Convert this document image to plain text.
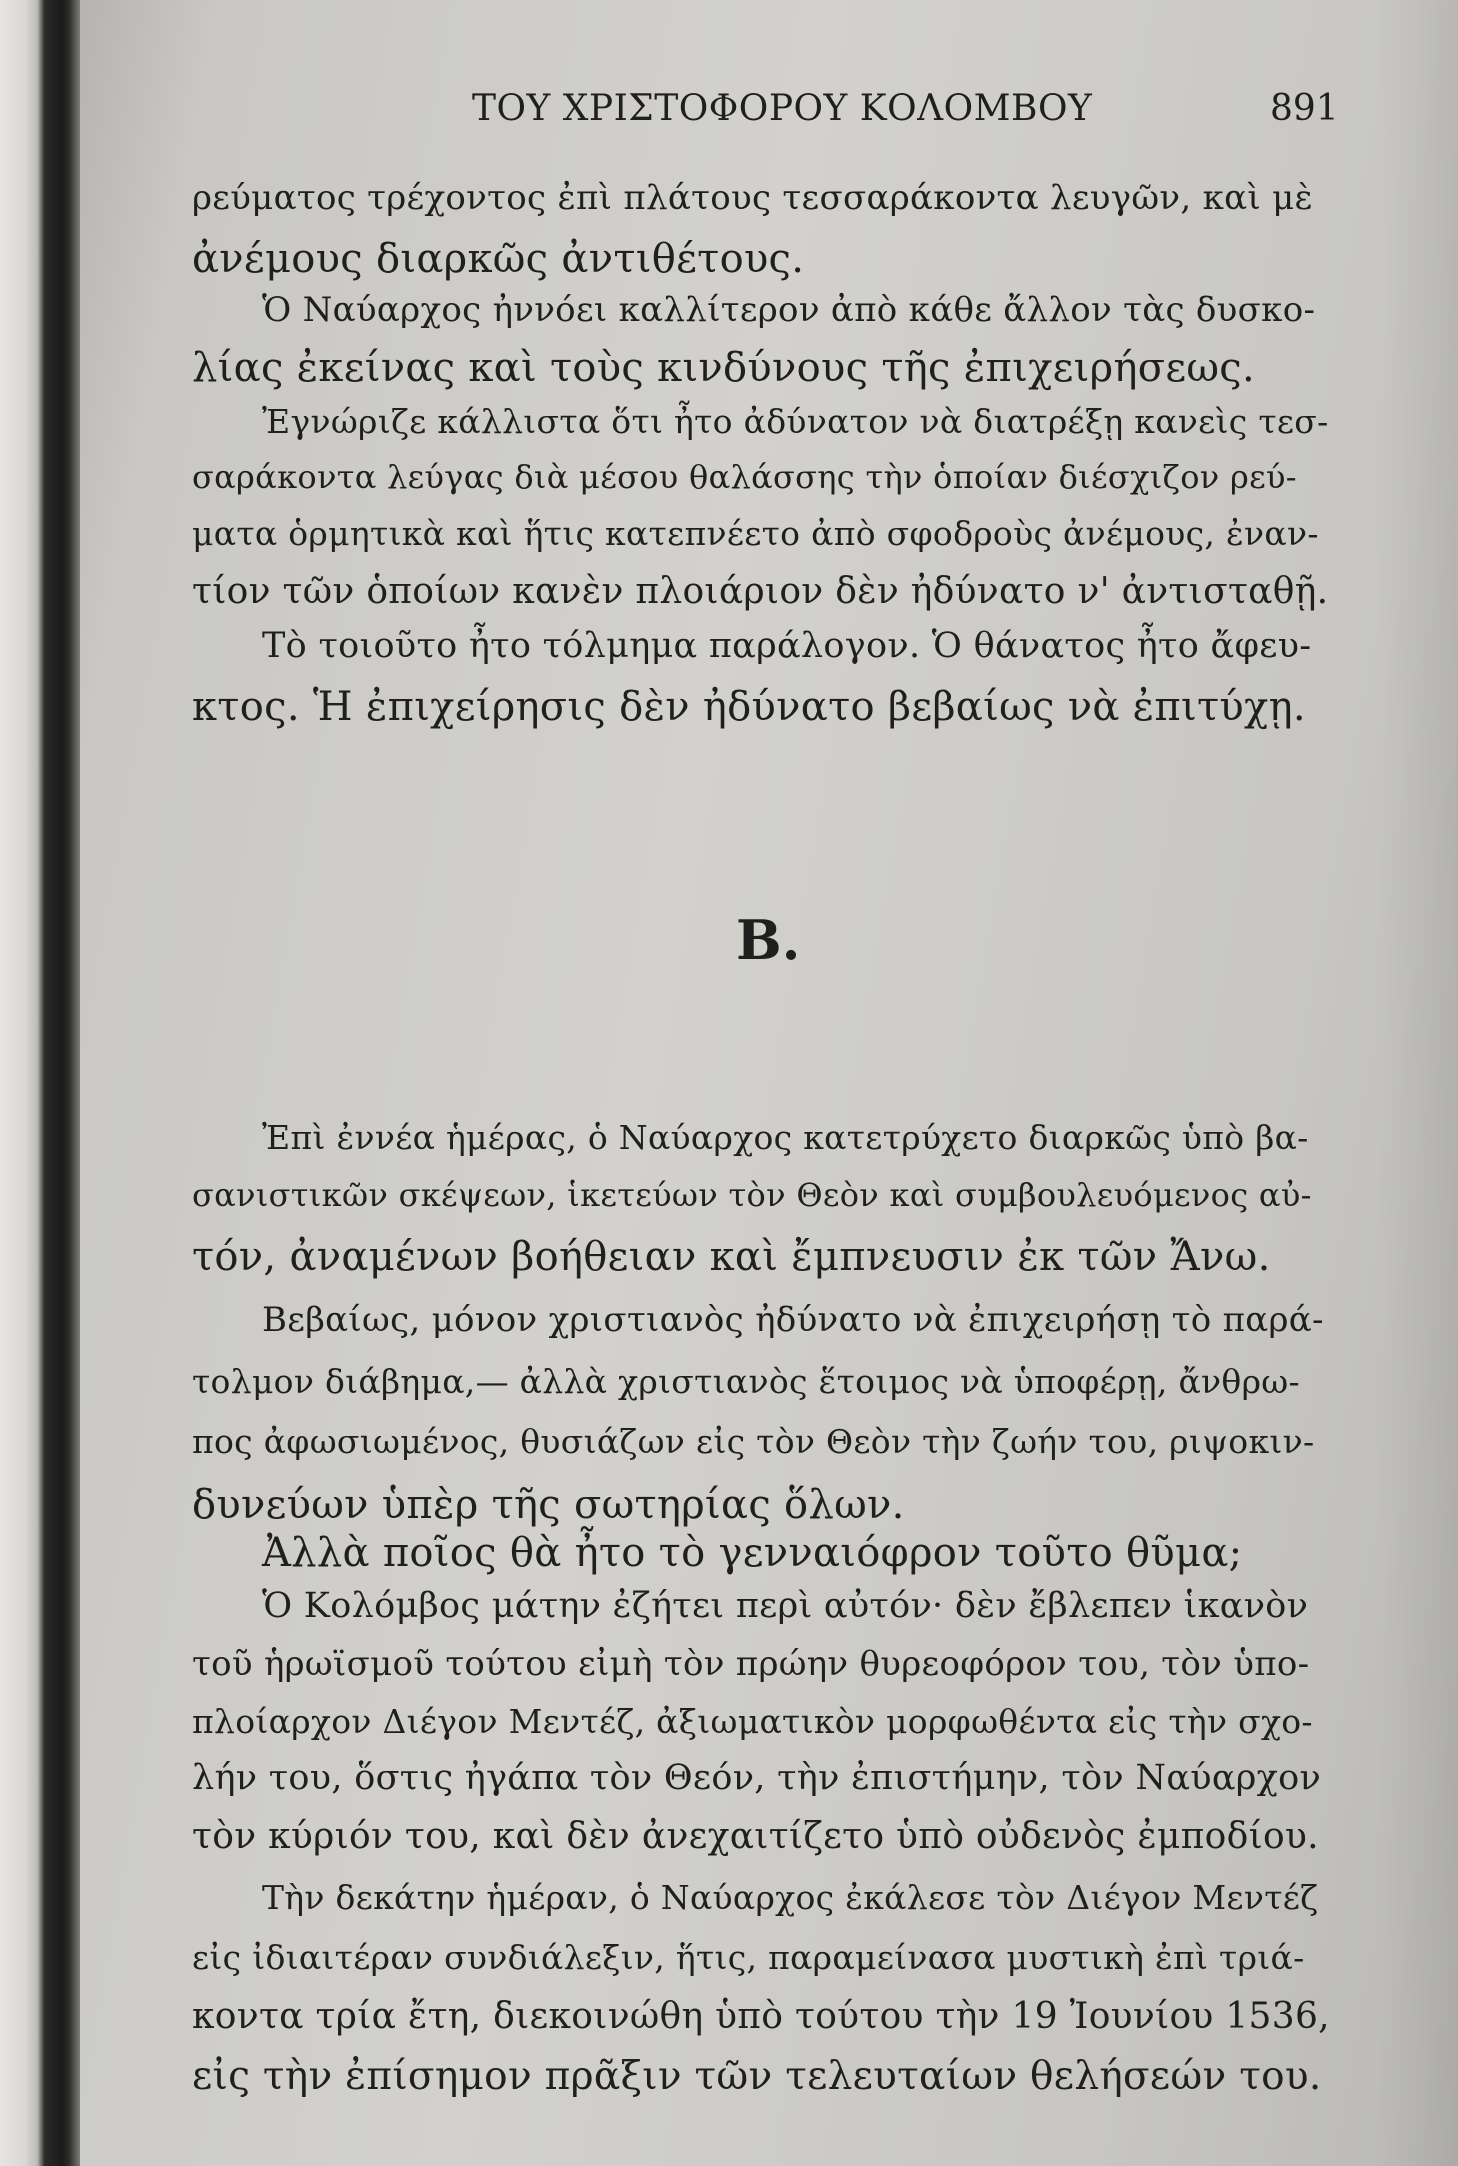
ΤΟΥ ΧΡΙΣΤΟΦΟΡΟΥ ΚΟΛΟΜΒΟΥ	891
ρεύματος τρέχοντος ἐπὶ πλάτους τεσσαράκοντα λευγῶν, καὶ μὲ
ἀνέμους διαρκῶς ἀντιθέτους.
Ὁ Ναύαρχος ἠννόει καλλίτερον ἀπὸ κάθε ἄλλον τὰς δυσκο-
λίας ἐκείνας καὶ τοὺς κινδύνους τῆς ἐπιχειρήσεως.
Ἐγνώριζε κάλλιστα ὅτι ἦτο ἀδύνατον νὰ διατρέξῃ κανεὶς τεσ-
σαράκοντα λεύγας διὰ μέσου θαλάσσης τὴν ὁποίαν διέσχιζον ρεύ-
ματα ὁρμητικὰ καὶ ἥτις κατεπνέετο ἀπὸ σφοδροὺς ἀνέμους, ἐναν-
τίον τῶν ὁποίων κανὲν πλοιάριον δὲν ἠδύνατο ν' ἀντισταθῇ.
Τὸ τοιοῦτο ἦτο τόλμημα παράλογον. Ὁ θάνατος ἦτο ἄφευ-
κτος. Ἡ ἐπιχείρησις δὲν ἠδύνατο βεβαίως νὰ ἐπιτύχῃ.
Β.
Ἐπὶ ἐννέα ἡμέρας, ὁ Ναύαρχος κατετρύχετο διαρκῶς ὑπὸ βα-
σανιστικῶν σκέψεων, ἱκετεύων τὸν Θεὸν καὶ συμβουλευόμενος αὐ-
τόν, ἀναμένων βοήθειαν καὶ ἔμπνευσιν ἐκ τῶν Ἄνω.
Βεβαίως, μόνον χριστιανὸς ἠδύνατο νὰ ἐπιχειρήσῃ τὸ παρά-
τολμον διάβημα,— ἀλλὰ χριστιανὸς ἕτοιμος νὰ ὑποφέρῃ, ἄνθρω-
πος ἀφωσιωμένος, θυσιάζων εἰς τὸν Θεὸν τὴν ζωήν του, ριψοκιν-
δυνεύων ὑπὲρ τῆς σωτηρίας ὅλων.
Ἀλλὰ ποῖος θὰ ἦτο τὸ γενναιόφρον τοῦτο θῦμα;
Ὁ Κολόμβος μάτην ἐζήτει περὶ αὐτόν· δὲν ἔβλεπεν ἱκανὸν
τοῦ ἡρωϊσμοῦ τούτου εἰμὴ τὸν πρώην θυρεοφόρον του, τὸν ὑπο-
πλοίαρχον Διέγον Μεντέζ, ἀξιωματικὸν μορφωθέντα εἰς τὴν σχο-
λήν του, ὅστις ἠγάπα τὸν Θεόν, τὴν ἐπιστήμην, τὸν Ναύαρχον
τὸν κύριόν του, καὶ δὲν ἀνεχαιτίζετο ὑπὸ οὐδενὸς ἐμποδίου.
Τὴν δεκάτην ἡμέραν, ὁ Ναύαρχος ἐκάλεσε τὸν Διέγον Μεντέζ
εἰς ἰδιαιτέραν συνδιάλεξιν, ἥτις, παραμείνασα μυστικὴ ἐπὶ τριά-
κοντα τρία ἔτη, διεκοινώθη ὑπὸ τούτου τὴν 19 Ἰουνίου 1536,
εἰς τὴν ἐπίσημον πρᾶξιν τῶν τελευταίων θελήσεών του.
